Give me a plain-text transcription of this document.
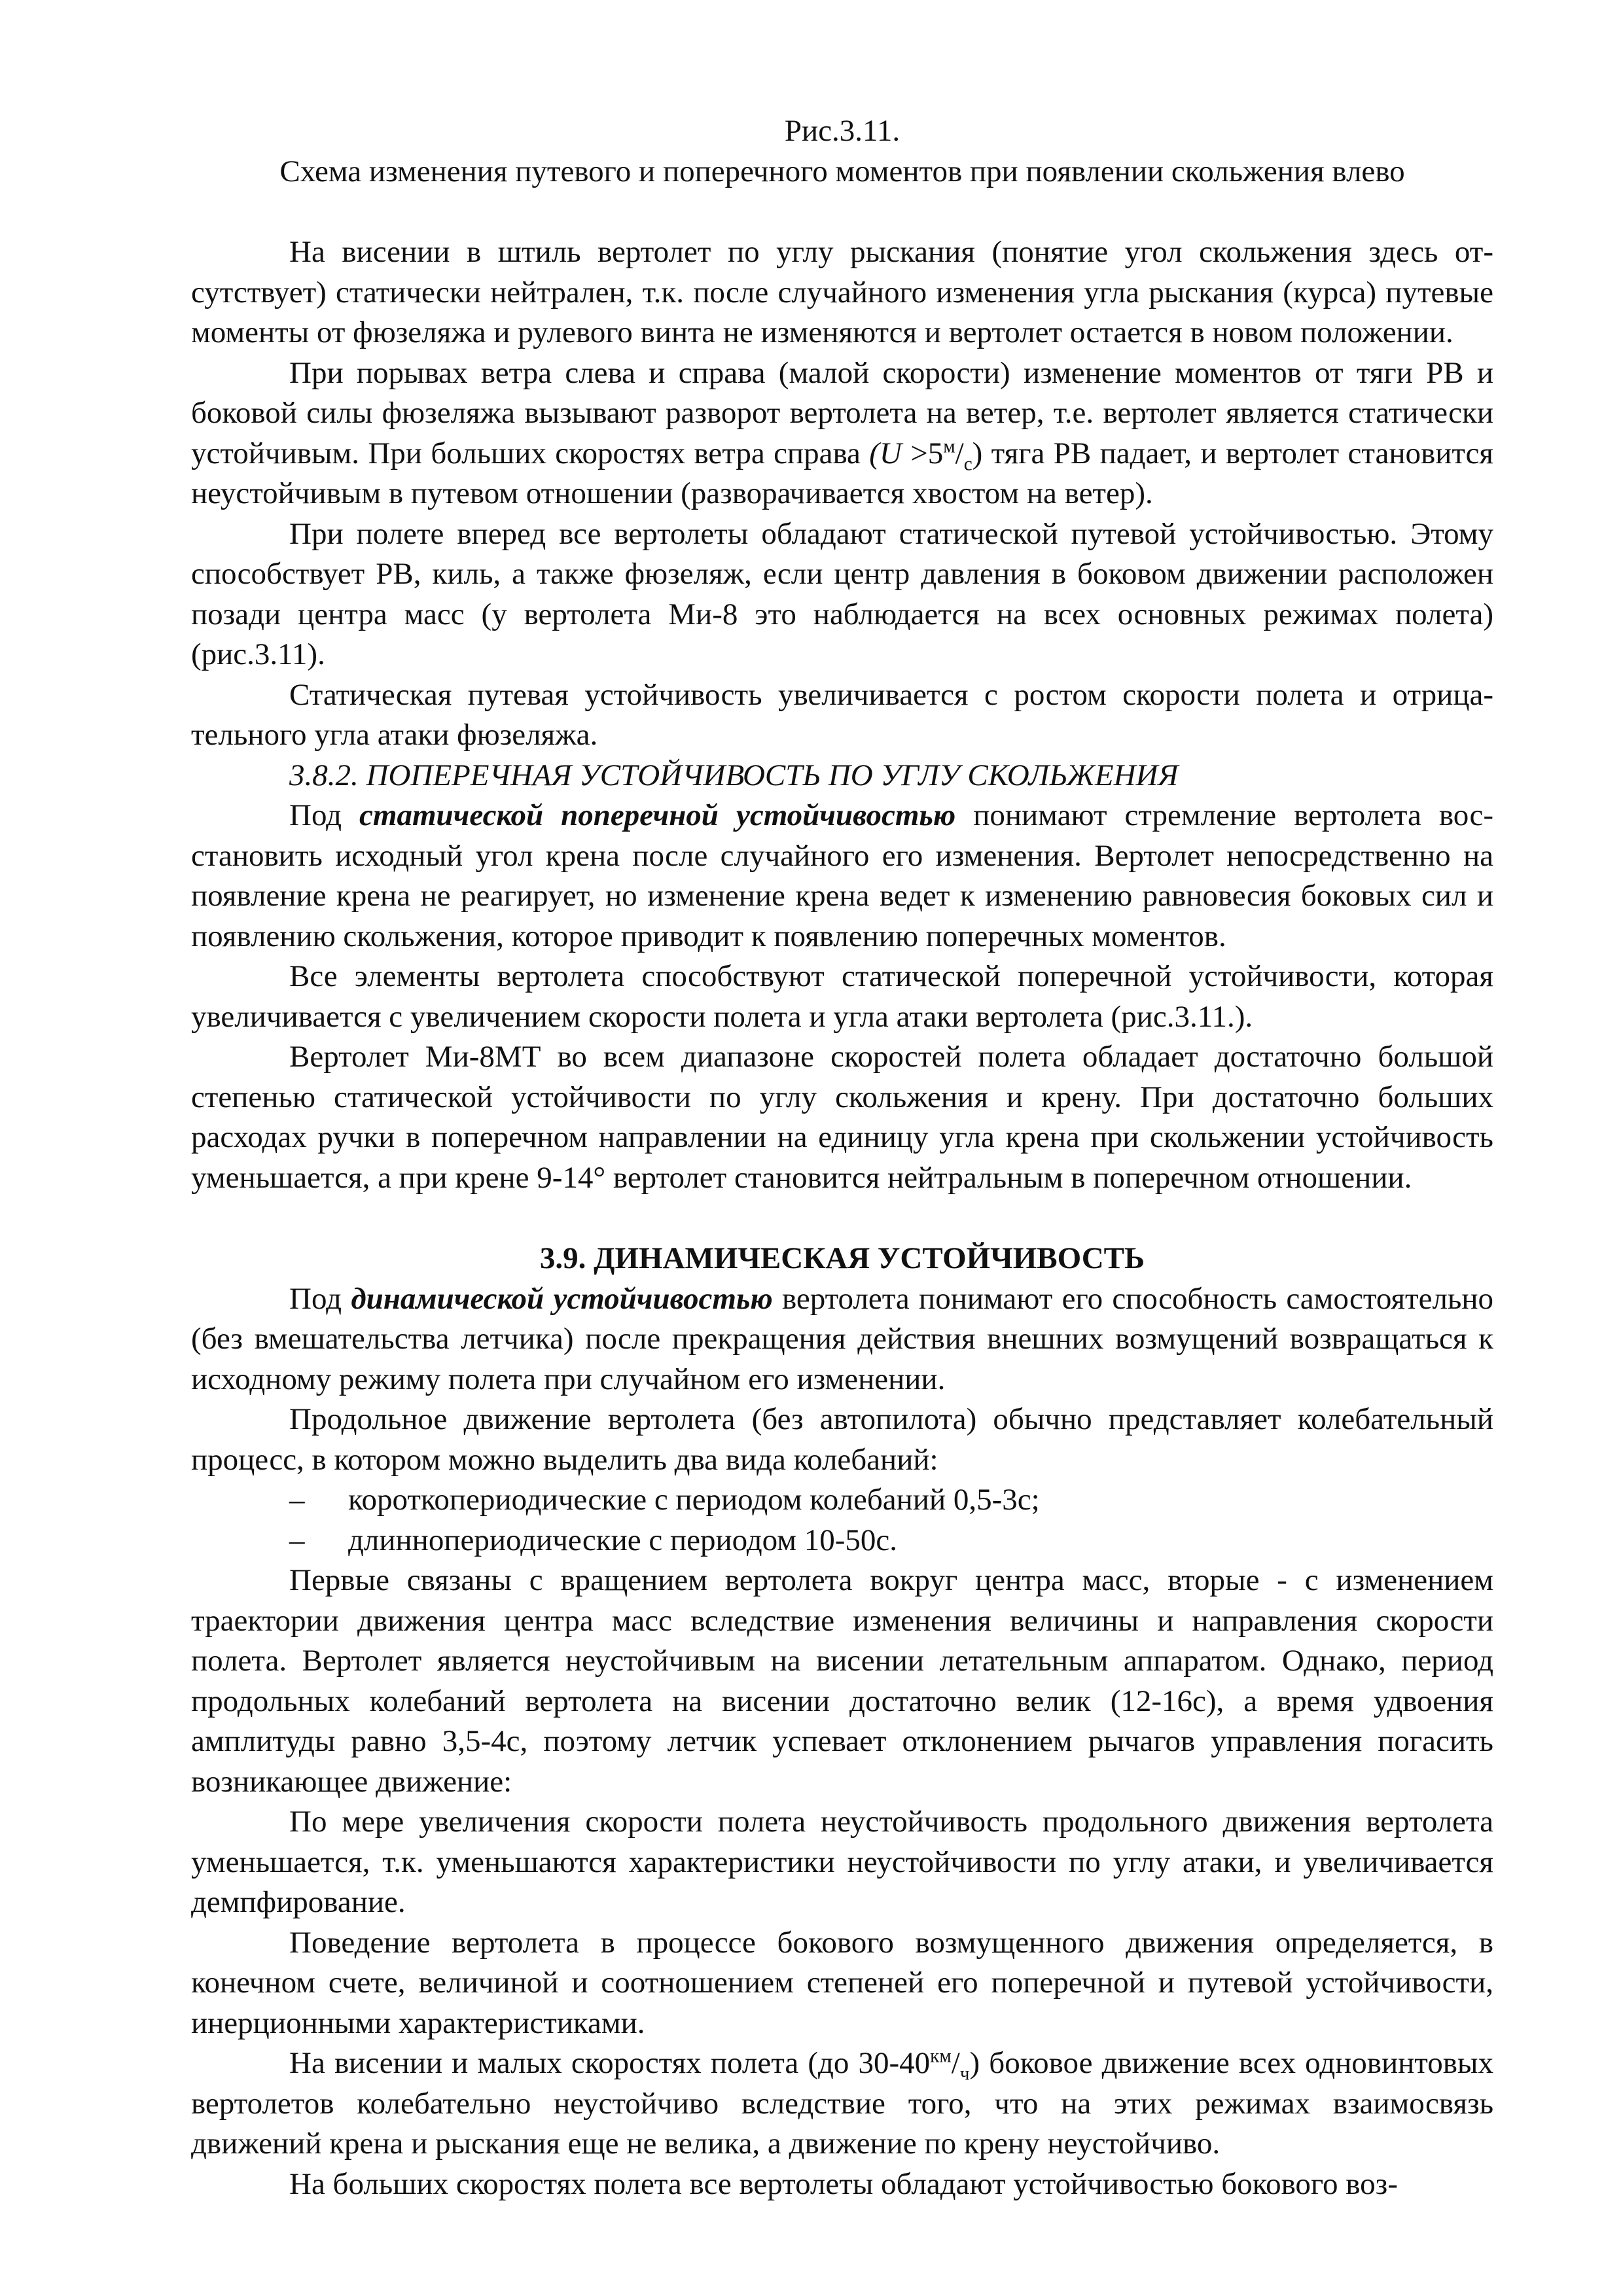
Рис.3.11.

Схема изменения путевого и поперечного моментов при появлении скольжения влево

На висении в штиль вертолет по углу рыскания (понятие угол скольжения здесь отсутствует) статически нейтрален, т.к. после случайного изменения угла рыскания (курса) путевые моменты от фюзеляжа и рулевого винта не изменяются и вертолет остается в новом положении.

При порывах ветра слева и справа (малой скорости) изменение моментов от тяги РВ и боковой силы фюзеляжа вызывают разворот вертолета на ветер, т.е. вертолет является статически устойчивым. При больших скоростях ветра справа $(U >5^м/_с)$ тяга РВ падает, и вертолет становится неустойчивым в путевом отношении (разворачивается хвостом на ветер).

При полете вперед все вертолеты обладают статической путевой устойчивостью. Этому способствует РВ, киль, а также фюзеляж, если центр давления в боковом движении расположен позади центра масс (у вертолета Ми-8 это наблюдается на всех основных режимах полета) (рис.3.11).

Статическая путевая устойчивость увеличивается с ростом скорости полета и отрицательного угла атаки фюзеляжа.

3.8.2. ПОПЕРЕЧНАЯ УСТОЙЧИВОСТЬ ПО УГЛУ СКОЛЬЖЕНИЯ

Под статической поперечной устойчивостью понимают стремление вертолета восстановить исходный угол крена после случайного его изменения. Вертолет непосредственно на появление крена не реагирует, но изменение крена ведет к изменению равновесия боковых сил и появлению скольжения, которое приводит к появлению поперечных моментов.

Все элементы вертолета способствуют статической поперечной устойчивости, которая увеличивается с увеличением скорости полета и угла атаки вертолета (рис.3.11.).

Вертолет Ми-8МТ во всем диапазоне скоростей полета обладает достаточно большой степенью статической устойчивости по углу скольжения и крену. При достаточно больших расходах ручки в поперечном направлении на единицу угла крена при скольжении устойчивость уменьшается, а при крене 9-14° вертолет становится нейтральным в поперечном отношении.

3.9. ДИНАМИЧЕСКАЯ УСТОЙЧИВОСТЬ

Под динамической устойчивостью вертолета понимают его способность самостоятельно (без вмешательства летчика) после прекращения действия внешних возмущений возвращаться к исходному режиму полета при случайном его изменении.

Продольное движение вертолета (без автопилота) обычно представляет колебательный процесс, в котором можно выделить два вида колебаний:

– короткопериодические с периодом колебаний 0,5-3с;
– длиннопериодические с периодом 10-50с.

Первые связаны с вращением вертолета вокруг центра масс, вторые - с изменением траектории движения центра масс вследствие изменения величины и направления скорости полета. Вертолет является неустойчивым на висении летательным аппаратом. Однако, период продольных колебаний вертолета на висении достаточно велик (12-16с), а время удвоения амплитуды равно 3,5-4с, поэтому летчик успевает отклонением рычагов управления погасить возникающее движение:

По мере увеличения скорости полета неустойчивость продольного движения вертолета уменьшается, т.к. уменьшаются характеристики неустойчивости по углу атаки, и увеличивается демпфирование.

Поведение вертолета в процессе бокового возмущенного движения определяется, в конечном счете, величиной и соотношением степеней его поперечной и путевой устойчивости, инерционными характеристиками.

На висении и малых скоростях полета (до $30-40^{км}/_ч$) боковое движение всех одновинтовых вертолетов колебательно неустойчиво вследствие того, что на этих режимах взаимосвязь движений крена и рыскания еще не велика, а движение по крену неустойчиво.

На больших скоростях полета все вертолеты обладают устойчивостью бокового воз-
